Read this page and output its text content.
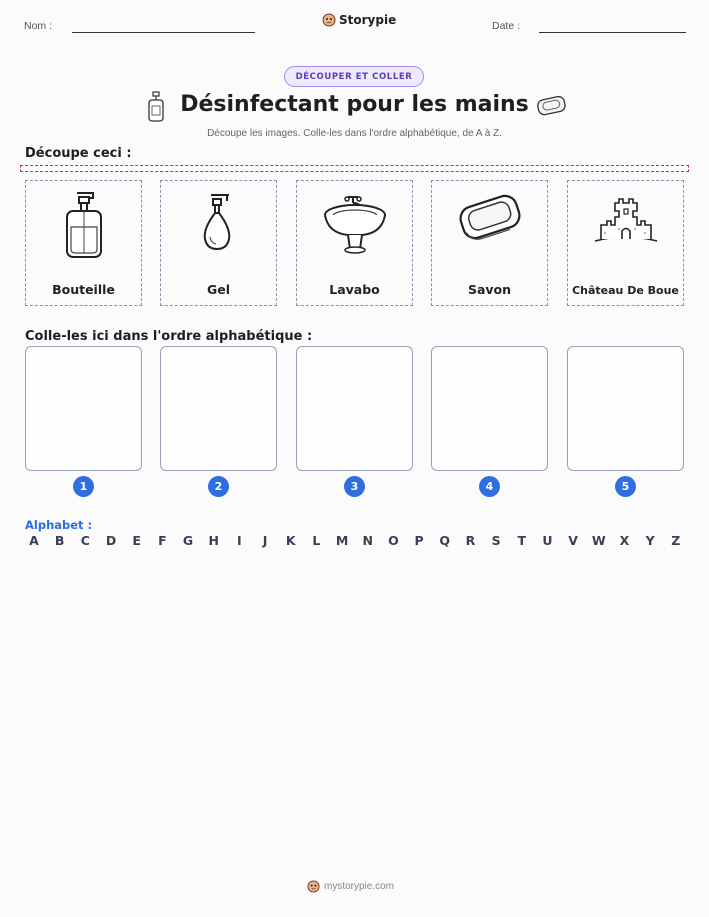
Nom :	Storypie	Date :
DÉCOUPER ET COLLER
Désinfectant pour les mains
Découpe les images. Colle-les dans l'ordre alphabétique, de A à Z.
Découpe ceci :
Bouteille	Gel	Lavabo	Savon	Château De Boue
Colle-les ici dans l'ordre alphabétique :
1	2	3	4	5
Alphabet :
A	B	C	D	E	F	G	H	I	J	K	L	M	N	O	P	Q	R	S	T	U	V	W	X	Y	Z
mystorypie.com
